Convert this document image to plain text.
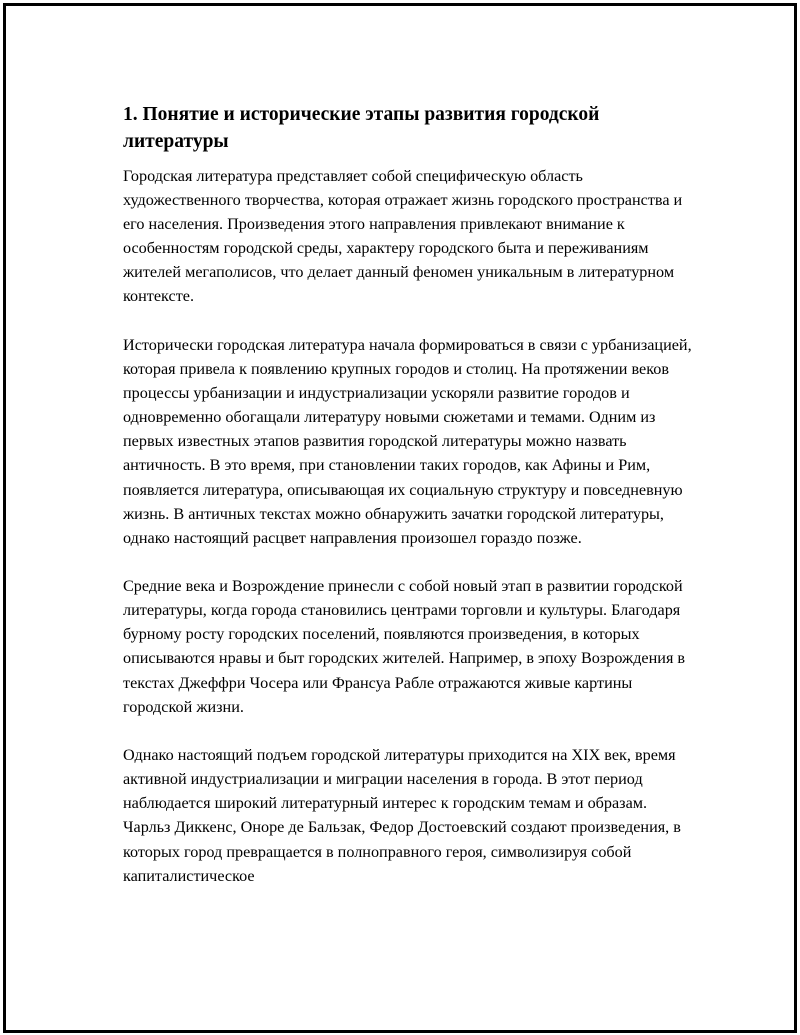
1. Понятие и исторические этапы развития городской литературы

Городская литература представляет собой специфическую область художественного творчества, которая отражает жизнь городского пространства и его населения. Произведения этого направления привлекают внимание к особенностям городской среды, характеру городского быта и переживаниям жителей мегаполисов, что делает данный феномен уникальным в литературном контексте.

Исторически городская литература начала формироваться в связи с урбанизацией, которая привела к появлению крупных городов и столиц. На протяжении веков процессы урбанизации и индустриализации ускоряли развитие городов и одновременно обогащали литературу новыми сюжетами и темами. Одним из первых известных этапов развития городской литературы можно назвать античность. В это время, при становлении таких городов, как Афины и Рим, появляется литература, описывающая их социальную структуру и повседневную жизнь. В античных текстах можно обнаружить зачатки городской литературы, однако настоящий расцвет направления произошел гораздо позже.

Средние века и Возрождение принесли с собой новый этап в развитии городской литературы, когда города становились центрами торговли и культуры. Благодаря бурному росту городских поселений, появляются произведения, в которых описываются нравы и быт городских жителей. Например, в эпоху Возрождения в текстах Джеффри Чосера или Франсуа Рабле отражаются живые картины городской жизни.

Однако настоящий подъем городской литературы приходится на XIX век, время активной индустриализации и миграции населения в города. В этот период наблюдается широкий литературный интерес к городским темам и образам. Чарльз Диккенс, Оноре де Бальзак, Федор Достоевский создают произведения, в которых город превращается в полноправного героя, символизируя собой капиталистическое
